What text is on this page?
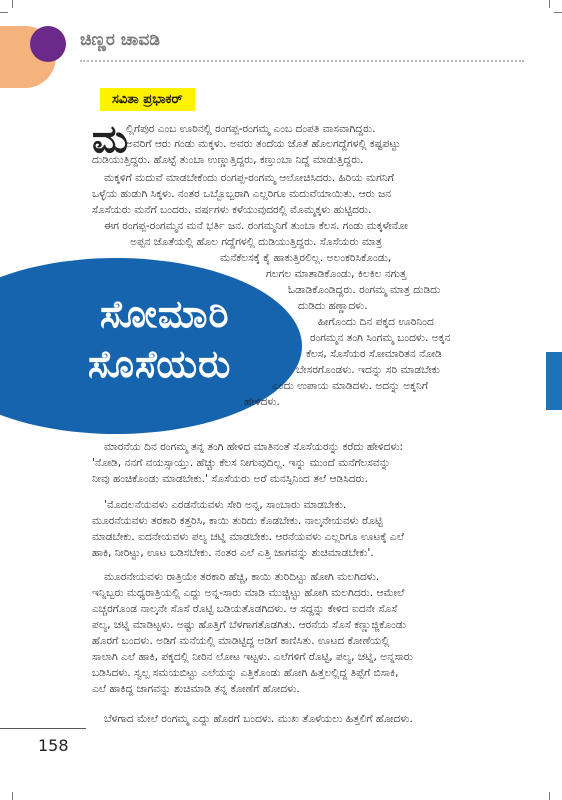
ಚಿಣ್ಣರ ಚಾವಡಿ
ಸವಿತಾ ಪ್ರಭಾಕರ್
ಸೋಮಾರಿ
ಸೊಸೆಯರು
ಮ
ಲ್ಲಿಗೆಪುರ ಎಂಬ ಊರಿನಲ್ಲಿ ರಂಗಪ್ಪ-ರಂಗಮ್ಮ ಎಂಬ ದಂಪತಿ ವಾಸವಾಗಿದ್ದರು.
ಅವರಿಗೆ ಆರು ಗಂಡು ಮಕ್ಕಳು. ಅವರು ತಂದೆಯ ಜೊತೆ ಹೊಲಗದ್ದೆಗಳಲ್ಲಿ ಕಷ್ಟಪಟ್ಟು
ದುಡಿಯುತ್ತಿದ್ದರು. ಹೊಟ್ಟೆ ತುಂಬಾ ಉಣ್ಣುತ್ತಿದ್ದರು, ಕಣ್ತುಂಬಾ ನಿದ್ದೆ ಮಾಡುತ್ತಿದ್ದರು.
ಮಕ್ಕಳಿಗೆ ಮದುವೆ ಮಾಡಬೇಕೆಂದು ರಂಗಪ್ಪ-ರಂಗಮ್ಮ ಆಲೋಚಿಸಿದರು. ಹಿರಿಯ ಮಗನಿಗೆ
ಒಳ್ಳೆಯ ಹುಡುಗಿ ಸಿಕ್ಕಳು. ನಂತರ ಒಬ್ಬೊಬ್ಬರಾಗಿ ಎಲ್ಲರಿಗೂ ಮದುವೆಯಾಯಿತು. ಆರು ಜನ
ಸೊಸೆಯರು ಮನೆಗೆ ಬಂದರು. ವರ್ಷಗಳು ಕಳೆಯುವುದರಲ್ಲಿ ಮೊಮ್ಮಕ್ಕಳು ಹುಟ್ಟಿದರು.
ಈಗ ರಂಗಪ್ಪ-ರಂಗಮ್ಮನ ಮನೆ ಭರ್ತಿ ಜನ. ರಂಗಮ್ಮನಿಗೆ ತುಂಬಾ ಕೆಲಸ. ಗಂಡು ಮಕ್ಕಳೇನೋ
ಅಪ್ಪನ ಜೊತೆಯಲ್ಲಿ ಹೊಲ ಗದ್ದೆಗಳಲ್ಲಿ ದುಡಿಯುತ್ತಿದ್ದರು. ಸೊಸೆಯರು ಮಾತ್ರ
ಮನೆಕೆಲಸಕ್ಕೆ ಕೈ ಹಾಕುತ್ತಿರಲಿಲ್ಲ. ಅಲಂಕರಿಸಿಕೊಂಡು,
ಗಲಗಲ ಮಾತಾಡಿಕೊಂಡು, ಕಿಲಕಿಲ ನಗುತ್ತ
ಓಡಾಡಿಕೊಂಡಿದ್ದರು. ರಂಗಮ್ಮ ಮಾತ್ರ ದುಡಿದು
ದುಡಿದು ಹಣ್ಣಾದಳು.
ಹೀಗೊಂದು ದಿನ ಪಕ್ಕದ ಊರಿನಿಂದ
ರಂಗಮ್ಮನ ತಂಗಿ ಸಿಂಗಮ್ಮ ಬಂದಳು. ಅಕ್ಕನ
ಕೆಲಸ, ಸೊಸೆಯರ ಸೋಮಾರಿತನ ನೋಡಿ
ಬೇಸರಗೊಂಡಳು. ಇದನ್ನು ಸರಿ ಮಾಡಬೇಕು
ಎಂದು ಉಪಾಯ ಮಾಡಿದಳು. ಅದನ್ನು ಅಕ್ಕನಿಗೆ
ಹೇಳಿದಳು.
ಮಾರನೆಯ ದಿನ ರಂಗಮ್ಮ ತನ್ನ ತಂಗಿ ಹೇಳಿದ ಮಾತಿನಂತೆ ಸೊಸೆಯರನ್ನು ಕರೆದು ಹೇಳಿದಳು:
'ನೋಡಿ, ನನಗೆ ವಯಸ್ಸಾಯ್ತು. ಹೆಚ್ಚು ಕೆಲಸ ನೀಗುವುದಿಲ್ಲ. ಇನ್ನು ಮುಂದೆ ಮನೆಗೆಲಸವನ್ನು
ನೀವು ಹಂಚಿಕೊಂಡು ಮಾಡಬೇಕು.' ಸೊಸೆಯರು ಅರೆ ಮನಸ್ಸಿನಿಂದ ತಲೆ ಆಡಿಸಿದರು.
'ಮೊದಲನೆಯವಳು ಎರಡನೆಯವಳು ಸೇರಿ ಅನ್ನ, ಸಾಂಬಾರು ಮಾಡಬೇಕು.
ಮೂರನೆಯವಳು ತರಕಾರಿ ಕತ್ತರಿಸಿ, ಕಾಯಿ ತುರಿದು ಕೊಡಬೇಕು. ನಾಲ್ಕನೇಯವಳು ರೊಟ್ಟಿ
ಮಾಡಬೇಕು. ಐದನೇಯವಳು ಪಲ್ಯ ಚಟ್ನಿ ಮಾಡಬೇಕು. ಆರನೆಯವಳು ಎಲ್ಲರಿಗೂ ಊಟಕ್ಕೆ ಎಲೆ
ಹಾಕಿ, ನೀರಿಟ್ಟು, ಊಟ ಬಡಿಸಬೇಕು. ನಂತರ ಎಲೆ ಎತ್ತಿ ಜಾಗವನ್ನು ಶುಚಿಮಾಡಬೇಕು'.
ಮೂರನೇಯವಳು ರಾತ್ರಿಯೇ ತರಕಾರಿ ಹೆಚ್ಚಿ, ಕಾಯಿ ತುರಿದಿಟ್ಟು ಹೋಗಿ ಮಲಗಿದಳು.
ಇನ್ನಿಬ್ಬರು ಮಧ್ಯರಾತ್ರಿಯಲ್ಲಿ ಎದ್ದು ಅನ್ನ-ಸಾರು ಮಾಡಿ ಮುಚ್ಚಿಟ್ಟು ಹೋಗಿ ಮಲಗಿದರು. ಆಮೇಲೆ
ಎಚ್ಚರಗೊಂಡ ನಾಲ್ಕನೇ ಸೊಸೆ ರೊಟ್ಟಿ ಬಡಿಯತೊಡಗಿದಳು. ಆ ಸದ್ದನ್ನು ಕೇಳಿದ ಐದನೇ ಸೊಸೆ
ಪಲ್ಯ, ಚಟ್ನಿ ಮಾಡಿಟ್ಟಳು. ಅಷ್ಟು ಹೊತ್ತಿಗೆ ಬೆಳಗಾಗತೊಡಗಿತು. ಆರನೆಯ ಸೊಸೆ ಕಣ್ಣುಜ್ಜಿಕೊಂಡು
ಹೊರಗೆ ಬಂದಳು. ಅಡಿಗೆ ಮನೆಯಲ್ಲಿ ಮಾಡಿಟ್ಟಿದ್ದ ಅಡಿಗೆ ಕಾಣಿಸಿತು. ಊಟದ ಕೋಣೆಯಲ್ಲಿ
ಸಾಲಾಗಿ ಎಲೆ ಹಾಕಿ, ಪಕ್ಕದಲ್ಲಿ ನೀರಿನ ಲೋಟ ಇಟ್ಟಳು. ಎಲೆಗಳಿಗೆ ರೊಟ್ಟಿ, ಪಲ್ಯ, ಚಟ್ನಿ, ಅನ್ನಸಾರು
ಬಡಿಸಿದಳು. ಸ್ವಲ್ಪ ಸಮಯಬಿಟ್ಟು ಎಲೆಯನ್ನು ಎತ್ತಿಕೊಂಡು ಹೋಗಿ ಹಿತ್ತಲಲ್ಲಿದ್ದ ತಿಪ್ಪೆಗೆ ಬಿಸಾಕಿ,
ಎಲೆ ಹಾಕಿದ್ದ ಜಾಗವನ್ನು ಶುಚಿಮಾಡಿ ತನ್ನ ಕೋಣೆಗೆ ಹೋದಳು.
ಬೆಳಗಾದ ಮೇಲೆ ರಂಗಮ್ಮ ಎದ್ದು ಹೊರಗೆ ಬಂದಳು. ಮುಖ ತೊಳೆಯಲು ಹಿತ್ತಲಿಗೆ ಹೋದಳು.
158
